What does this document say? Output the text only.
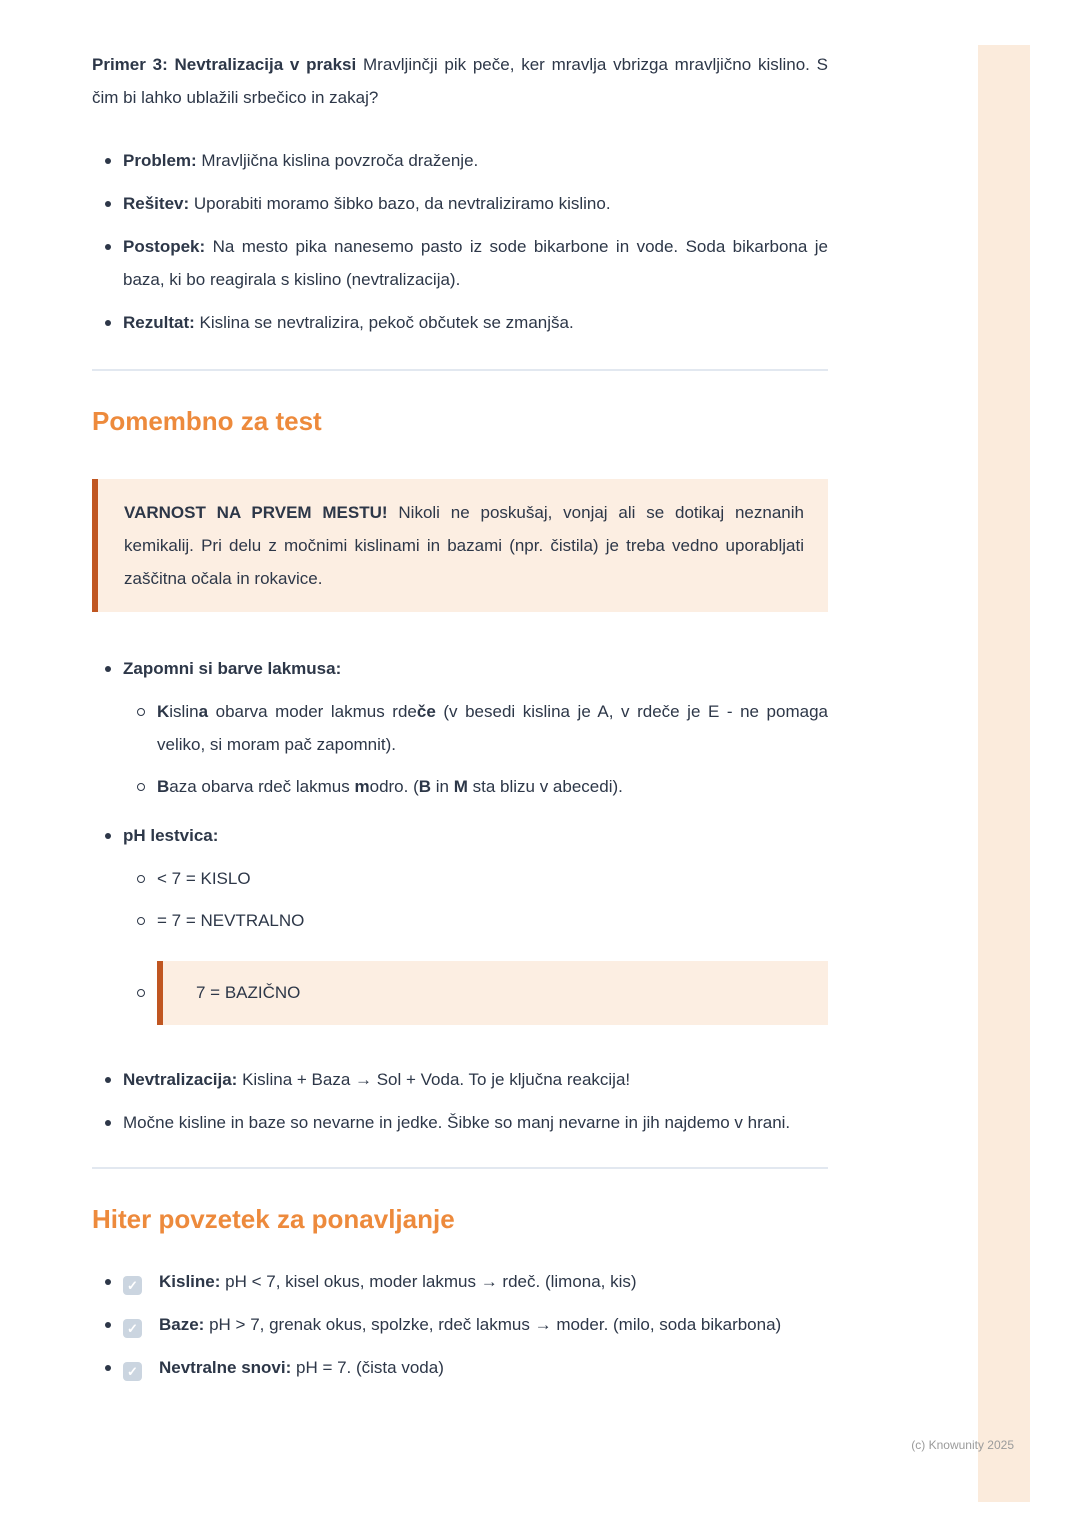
Primer 3: Nevtralizacija v praksi Mravljinčji pik peče, ker mravlja vbrizga mravljično kislino. S čim bi lahko ublažili srbečico in zakaj?

Problem: Mravljična kislina povzroča draženje.

Rešitev: Uporabiti moramo šibko bazo, da nevtraliziramo kislino.

Postopek: Na mesto pika nanesemo pasto iz sode bikarbone in vode. Soda bikarbona je baza, ki bo reagirala s kislino (nevtralizacija).

Rezultat: Kislina se nevtralizira, pekoč občutek se zmanjša.

Pomembno za test

VARNOST NA PRVEM MESTU! Nikoli ne poskušaj, vonjaj ali se dotikaj neznanih kemikalij. Pri delu z močnimi kislinami in bazami (npr. čistila) je treba vedno uporabljati zaščitna očala in rokavice.

Zapomni si barve lakmusa:

Kislina obarva moder lakmus rdeče (v besedi kislina je A, v rdeče je E - ne pomaga veliko, si moram pač zapomnit).

Baza obarva rdeč lakmus modro. (B in M sta blizu v abecedi).

pH lestvica:

< 7 = KISLO

= 7 = NEVTRALNO

7 = BAZIČNO

Nevtralizacija: Kislina + Baza → Sol + Voda. To je ključna reakcija!

Močne kisline in baze so nevarne in jedke. Šibke so manj nevarne in jih najdemo v hrani.

Hiter povzetek za ponavljanje

✓ Kisline: pH < 7, kisel okus, moder lakmus → rdeč. (limona, kis)

✓ Baze: pH > 7, grenak okus, spolzke, rdeč lakmus → moder. (milo, soda bikarbona)

✓ Nevtralne snovi: pH = 7. (čista voda)

(c) Knowunity 2025
